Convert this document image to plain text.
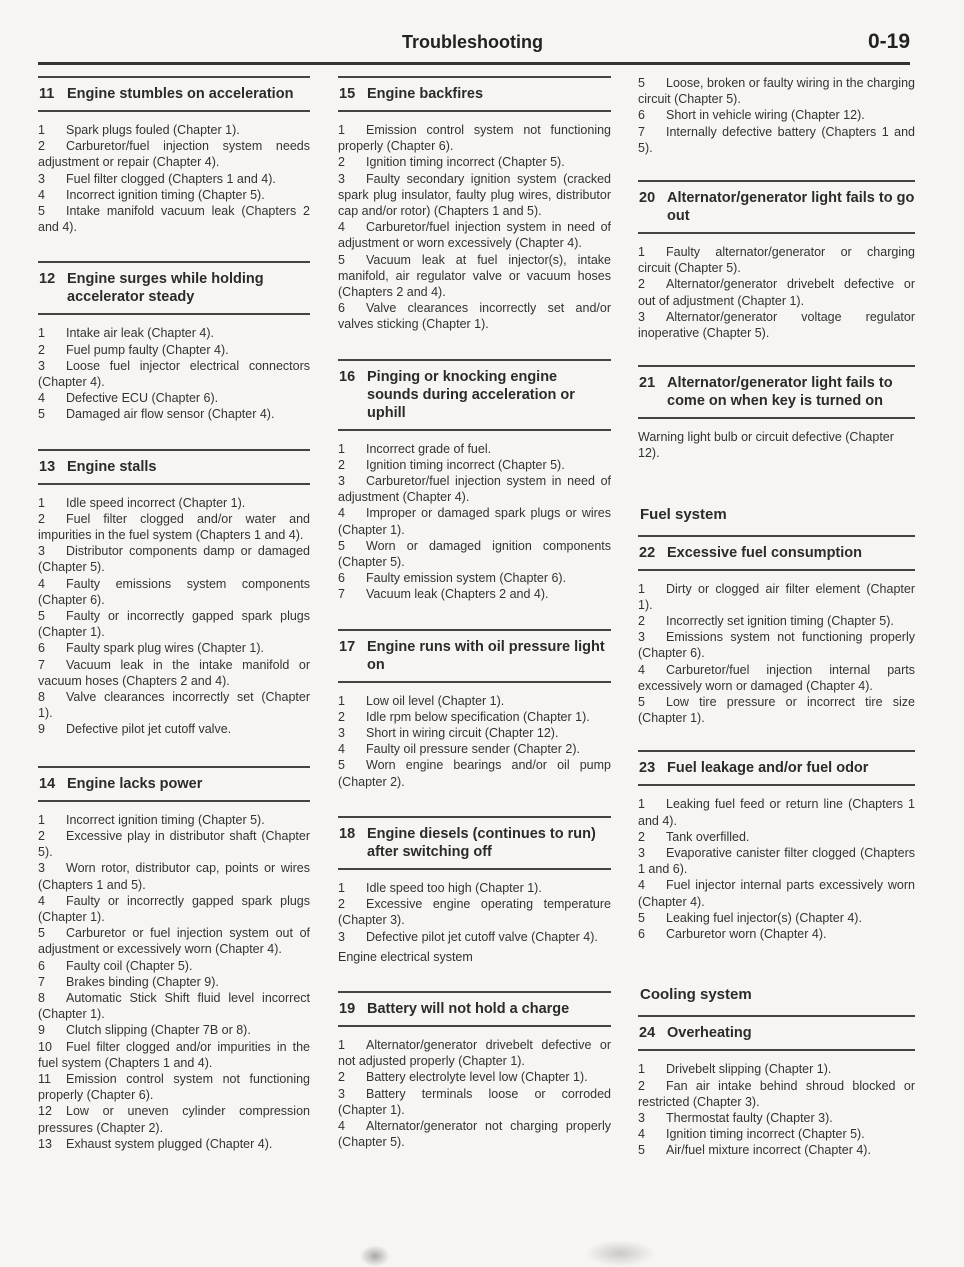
Troubleshooting	0-19
11 Engine stumbles on acceleration
1 Spark plugs fouled (Chapter 1).
2 Carburetor/fuel injection system needs adjustment or repair (Chapter 4).
3 Fuel filter clogged (Chapters 1 and 4).
4 Incorrect ignition timing (Chapter 5).
5 Intake manifold vacuum leak (Chapters 2 and 4).
12 Engine surges while holding accelerator steady
1 Intake air leak (Chapter 4).
2 Fuel pump faulty (Chapter 4).
3 Loose fuel injector electrical connectors (Chapter 4).
4 Defective ECU (Chapter 6).
5 Damaged air flow sensor (Chapter 4).
13 Engine stalls
1 Idle speed incorrect (Chapter 1).
2 Fuel filter clogged and/or water and impurities in the fuel system (Chapters 1 and 4).
3 Distributor components damp or damaged (Chapter 5).
4 Faulty emissions system components (Chapter 6).
5 Faulty or incorrectly gapped spark plugs (Chapter 1).
6 Faulty spark plug wires (Chapter 1).
7 Vacuum leak in the intake manifold or vacuum hoses (Chapters 2 and 4).
8 Valve clearances incorrectly set (Chapter 1).
9 Defective pilot jet cutoff valve.
14 Engine lacks power
1 Incorrect ignition timing (Chapter 5).
2 Excessive play in distributor shaft (Chapter 5).
3 Worn rotor, distributor cap, points or wires (Chapters 1 and 5).
4 Faulty or incorrectly gapped spark plugs (Chapter 1).
5 Carburetor or fuel injection system out of adjustment or excessively worn (Chapter 4).
6 Faulty coil (Chapter 5).
7 Brakes binding (Chapter 9).
8 Automatic Stick Shift fluid level incorrect (Chapter 1).
9 Clutch slipping (Chapter 7B or 8).
10 Fuel filter clogged and/or impurities in the fuel system (Chapters 1 and 4).
11 Emission control system not functioning properly (Chapter 6).
12 Low or uneven cylinder compression pressures (Chapter 2).
13 Exhaust system plugged (Chapter 4).
15 Engine backfires
1 Emission control system not functioning properly (Chapter 6).
2 Ignition timing incorrect (Chapter 5).
3 Faulty secondary ignition system (cracked spark plug insulator, faulty plug wires, distributor cap and/or rotor) (Chapters 1 and 5).
4 Carburetor/fuel injection system in need of adjustment or worn excessively (Chapter 4).
5 Vacuum leak at fuel injector(s), intake manifold, air regulator valve or vacuum hoses (Chapters 2 and 4).
6 Valve clearances incorrectly set and/or valves sticking (Chapter 1).
16 Pinging or knocking engine sounds during acceleration or uphill
1 Incorrect grade of fuel.
2 Ignition timing incorrect (Chapter 5).
3 Carburetor/fuel injection system in need of adjustment (Chapter 4).
4 Improper or damaged spark plugs or wires (Chapter 1).
5 Worn or damaged ignition components (Chapter 5).
6 Faulty emission system (Chapter 6).
7 Vacuum leak (Chapters 2 and 4).
17 Engine runs with oil pressure light on
1 Low oil level (Chapter 1).
2 Idle rpm below specification (Chapter 1).
3 Short in wiring circuit (Chapter 12).
4 Faulty oil pressure sender (Chapter 2).
5 Worn engine bearings and/or oil pump (Chapter 2).
18 Engine diesels (continues to run) after switching off
1 Idle speed too high (Chapter 1).
2 Excessive engine operating temperature (Chapter 3).
3 Defective pilot jet cutoff valve (Chapter 4).

Engine electrical system

19 Battery will not hold a charge
1 Alternator/generator drivebelt defective or not adjusted properly (Chapter 1).
2 Battery electrolyte level low (Chapter 1).
3 Battery terminals loose or corroded (Chapter 1).
4 Alternator/generator not charging properly (Chapter 5).
5 Loose, broken or faulty wiring in the charging circuit (Chapter 5).
6 Short in vehicle wiring (Chapter 12).
7 Internally defective battery (Chapters 1 and 5).
20 Alternator/generator light fails to go out
1 Faulty alternator/generator or charging circuit (Chapter 5).
2 Alternator/generator drivebelt defective or out of adjustment (Chapter 1).
3 Alternator/generator voltage regulator inoperative (Chapter 5).
21 Alternator/generator light fails to come on when key is turned on

Warning light bulb or circuit defective (Chapter 12).

Fuel system
22 Excessive fuel consumption
1 Dirty or clogged air filter element (Chapter 1).
2 Incorrectly set ignition timing (Chapter 5).
3 Emissions system not functioning properly (Chapter 6).
4 Carburetor/fuel injection internal parts excessively worn or damaged (Chapter 4).
5 Low tire pressure or incorrect tire size (Chapter 1).
23 Fuel leakage and/or fuel odor
1 Leaking fuel feed or return line (Chapters 1 and 4).
2 Tank overfilled.
3 Evaporative canister filter clogged (Chapters 1 and 6).
4 Fuel injector internal parts excessively worn (Chapter 4).
5 Leaking fuel injector(s) (Chapter 4).
6 Carburetor worn (Chapter 4).
Cooling system
24 Overheating
1 Drivebelt slipping (Chapter 1).
2 Fan air intake behind shroud blocked or restricted (Chapter 3).
3 Thermostat faulty (Chapter 3).
4 Ignition timing incorrect (Chapter 5).
5 Air/fuel mixture incorrect (Chapter 4).
